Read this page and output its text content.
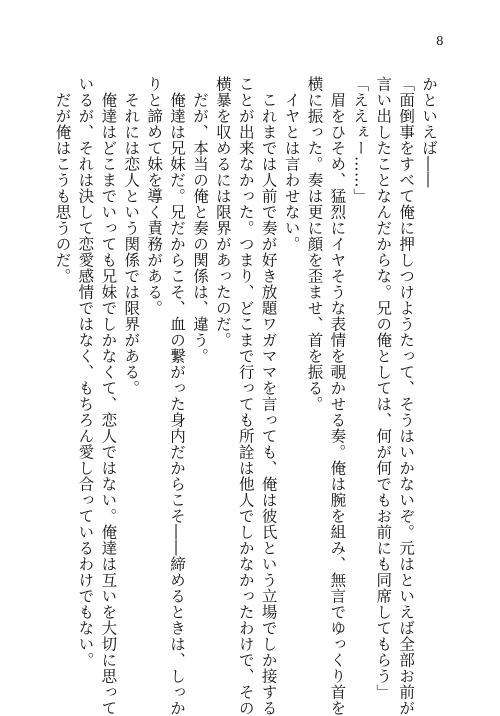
8

かといえば――

「面倒事をすべて俺に押しつけようたって、そうはいかないぞ。元はといえば全部お前が

言い出したことなんだからな。兄の俺としては、何が何でもお前にも同席してもらう」

「ええぇー……」

　眉をひそめ、猛烈にイヤそうな表情を覗かせる奏。俺は腕を組み、無言でゆっくり首を

横に振った。奏は更に顔を歪ませ、首を振る。

　イヤとは言わせない。

　これまでは人前で奏が好き放題ワガママを言っても、俺は彼氏という立場でしか接する

ことが出来なかった。つまり、どこまで行っても所詮は他人でしかなかったわけで、その

横暴を収めるには限界があったのだ。

　だが、本当の俺と奏の関係は、違う。

　俺達は兄妹だ。兄だからこそ、血の繋がった身内だからこそ――締めるときは、しっか

りと諦めて妹を導く責務がある。

　それには恋人という関係では限界がある。

　俺達はどこまでいっても兄妹でしかなくて、恋人ではない。俺達は互いを大切に思って

いるが、それは決して恋愛感情ではなく、もちろん愛し合っているわけでもない。

　だが俺はこうも思うのだ。
